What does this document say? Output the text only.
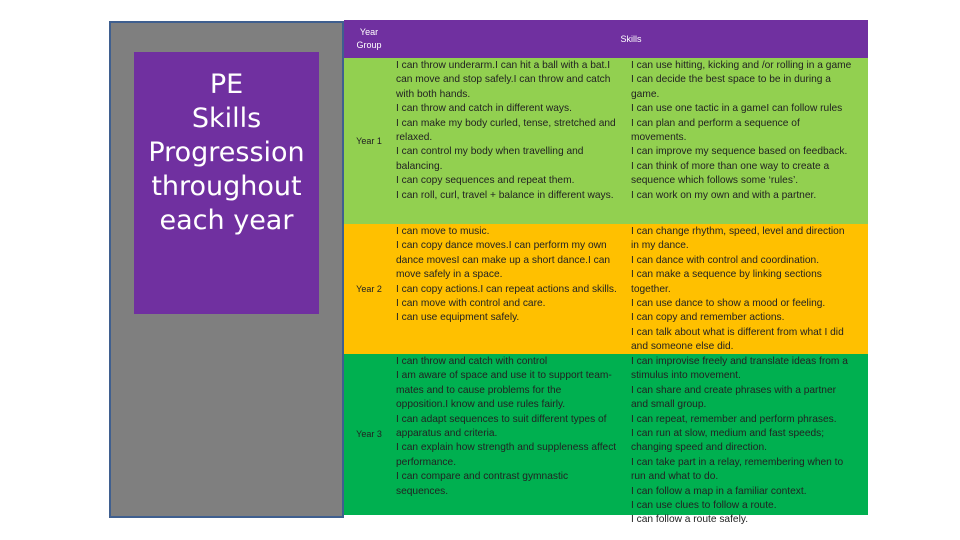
PE
Skills
Progression
throughout
each year
Year
Group
Skills
Year 1
I can throw underarm.I can hit a ball with a bat.I
can move and stop safely.I can throw and catch
with both hands.
I can throw and catch in different ways.
I can make my body curled, tense, stretched and
relaxed.
I can control my body when travelling and
balancing.
I can copy sequences and repeat them.
I can roll, curl, travel + balance in different ways.
I can use hitting, kicking and /or rolling in a game
I can decide the best space to be in during a
game.
I can use one tactic in a gameI can follow rules
I can plan and perform a sequence of
movements.
I can improve my sequence based on feedback.
I can think of more than one way to create a
sequence which follows some ‘rules’.
I can work on my own and with a partner.
Year 2
I can move to music.
I can copy dance moves.I can perform my own
dance movesI can make up a short dance.I can
move safely in a space.
I can copy actions.I can repeat actions and skills.
I can move with control and care.
I can use equipment safely.
I can change rhythm, speed, level and direction
in my dance.
I can dance with control and coordination.
I can make a sequence by linking sections
together.
I can use dance to show a mood or feeling.
I can copy and remember actions.
I can talk about what is different from what I did
and someone else did.
Year 3
I can throw and catch with control
I am aware of space and use it to support team-
mates and to cause problems for the
opposition.I know and use rules fairly.
I can adapt sequences to suit different types of
apparatus and criteria.
I can explain how strength and suppleness affect
performance.
I can compare and contrast gymnastic
sequences.
I can improvise freely and translate ideas from a
stimulus into movement.
I can share and create phrases with a partner
and small group.
I can repeat, remember and perform phrases.
I can run at slow, medium and fast speeds;
changing speed and direction.
I can take part in a relay, remembering when to
run and what to do.
I can follow a map in a familiar context.
I can use clues to follow a route.
I can follow a route safely.
